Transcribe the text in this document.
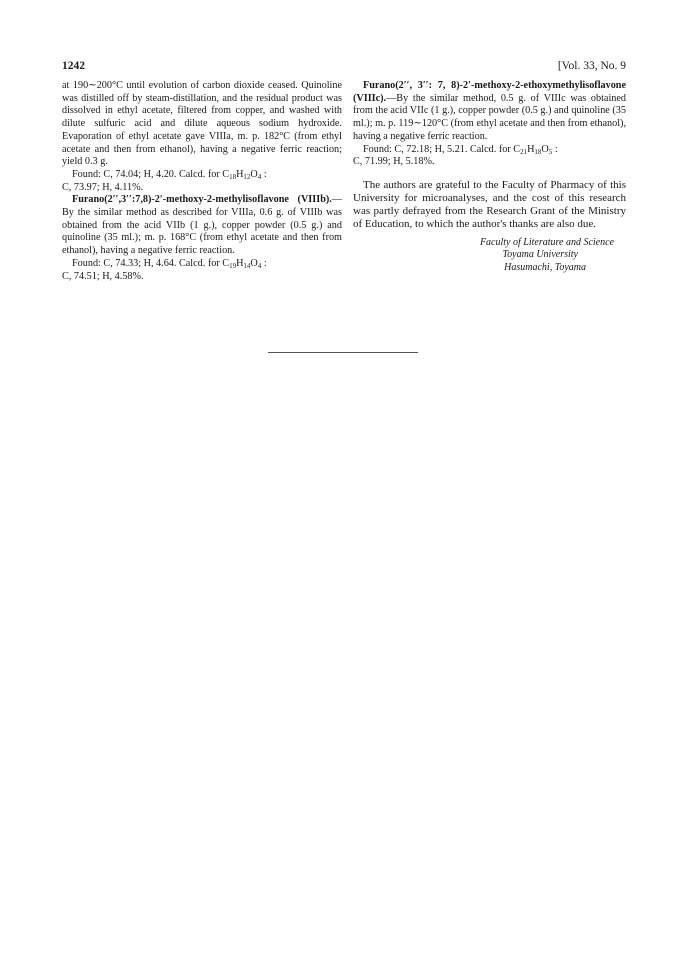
1242	[Vol. 33, No. 9

at 190∼200°C until evolution of carbon dioxide ceased. Quinoline was distilled off by steam-distillation, and the residual product was dissolved in ethyl acetate, filtered from copper, and washed with dilute sulfuric acid and dilute aqueous sodium hydroxide. Evaporation of ethyl acetate gave VIIIa, m. p. 182°C (from ethyl acetate and then from ethanol), having a negative ferric reaction; yield 0.3 g.

Found: C, 74.04; H, 4.20. Calcd. for $C_{18}H_{12}O_4$ :
C, 73.97; H, 4.11%.

Furano(2′′,3′′:7,8)-2′-methoxy-2-methylisoflavone (VIIIb).—By the similar method as described for VIIIa, 0.6 g. of VIIIb was obtained from the acid VIIb (1 g.), copper powder (0.5 g.) and quinoline (35 ml.); m. p. 168°C (from ethyl acetate and then from ethanol), having a negative ferric reaction.

Found: C, 74.33; H, 4.64. Calcd. for $C_{19}H_{14}O_4$ :
C, 74.51; H, 4.58%.

Furano(2′′, 3′′: 7, 8)-2′-methoxy-2-ethoxymethylisoflavone (VIIIc).—By the similar method, 0.5 g. of VIIIc was obtained from the acid VIIc (1 g.), copper powder (0.5 g.) and quinoline (35 ml.); m. p. 119∼120°C (from ethyl acetate and then from ethanol), having a negative ferric reaction.

Found: C, 72.18; H, 5.21. Calcd. for $C_{21}H_{18}O_5$ :
C, 71.99; H, 5.18%.

The authors are grateful to the Faculty of Pharmacy of this University for microanalyses, and the cost of this research was partly defrayed from the Research Grant of the Ministry of Education, to which the author's thanks are also due.

Faculty of Literature and Science
Toyama University
Hasumachi, Toyama
